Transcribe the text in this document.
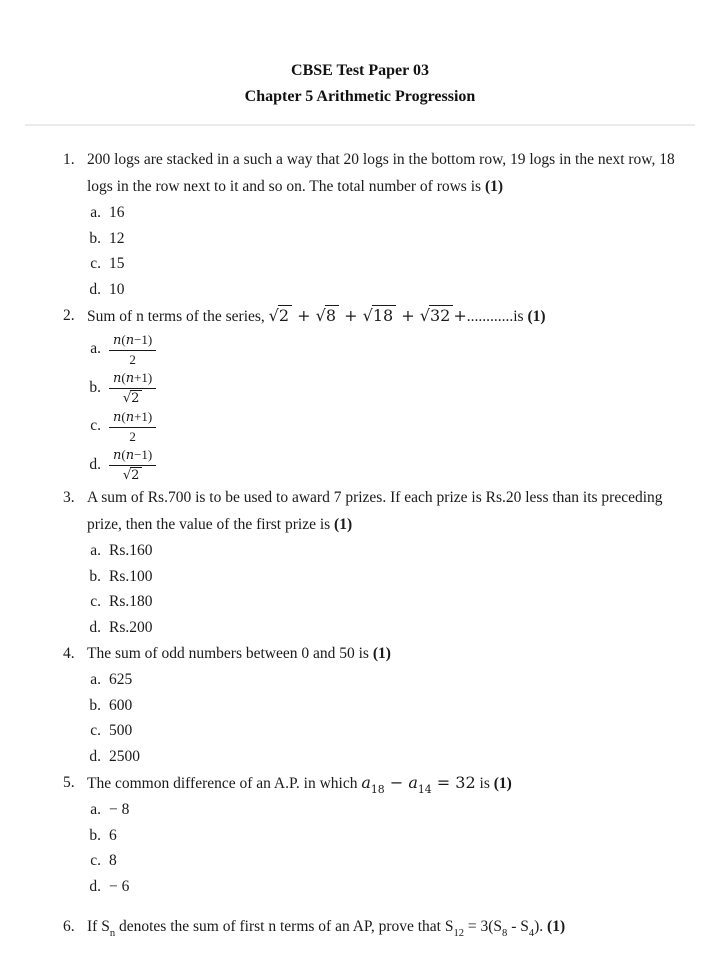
CBSE Test Paper 03
Chapter 5 Arithmetic Progression
1. 200 logs are stacked in a such a way that 20 logs in the bottom row, 19 logs in the next row, 18 logs in the row next to it and so on. The total number of rows is (1)
a. 16
b. 12
c. 15
d. 10
2. Sum of n terms of the series, √2 + √8 + √18 + √32 +............is (1)
a. $\frac{n(n-1)}{2}$
b. $\frac{n(n+1)}{√2}$
c. $\frac{n(n+1)}{2}$
d. $\frac{n(n-1)}{√2}$
3. A sum of Rs.700 is to be used to award 7 prizes. If each prize is Rs.20 less than its preceding prize, then the value of the first prize is (1)
a. Rs.160
b. Rs.100
c. Rs.180
d. Rs.200
4. The sum of odd numbers between 0 and 50 is (1)
a. 625
b. 600
c. 500
d. 2500
5. The common difference of an A.P. in which $a_{18} - a_{14} = 32$ is (1)
a. − 8
b. 6
c. 8
d. − 6
6. If $S_n$ denotes the sum of first n terms of an AP, prove that $S_{12} = 3(S_8 - S_4)$. (1)
